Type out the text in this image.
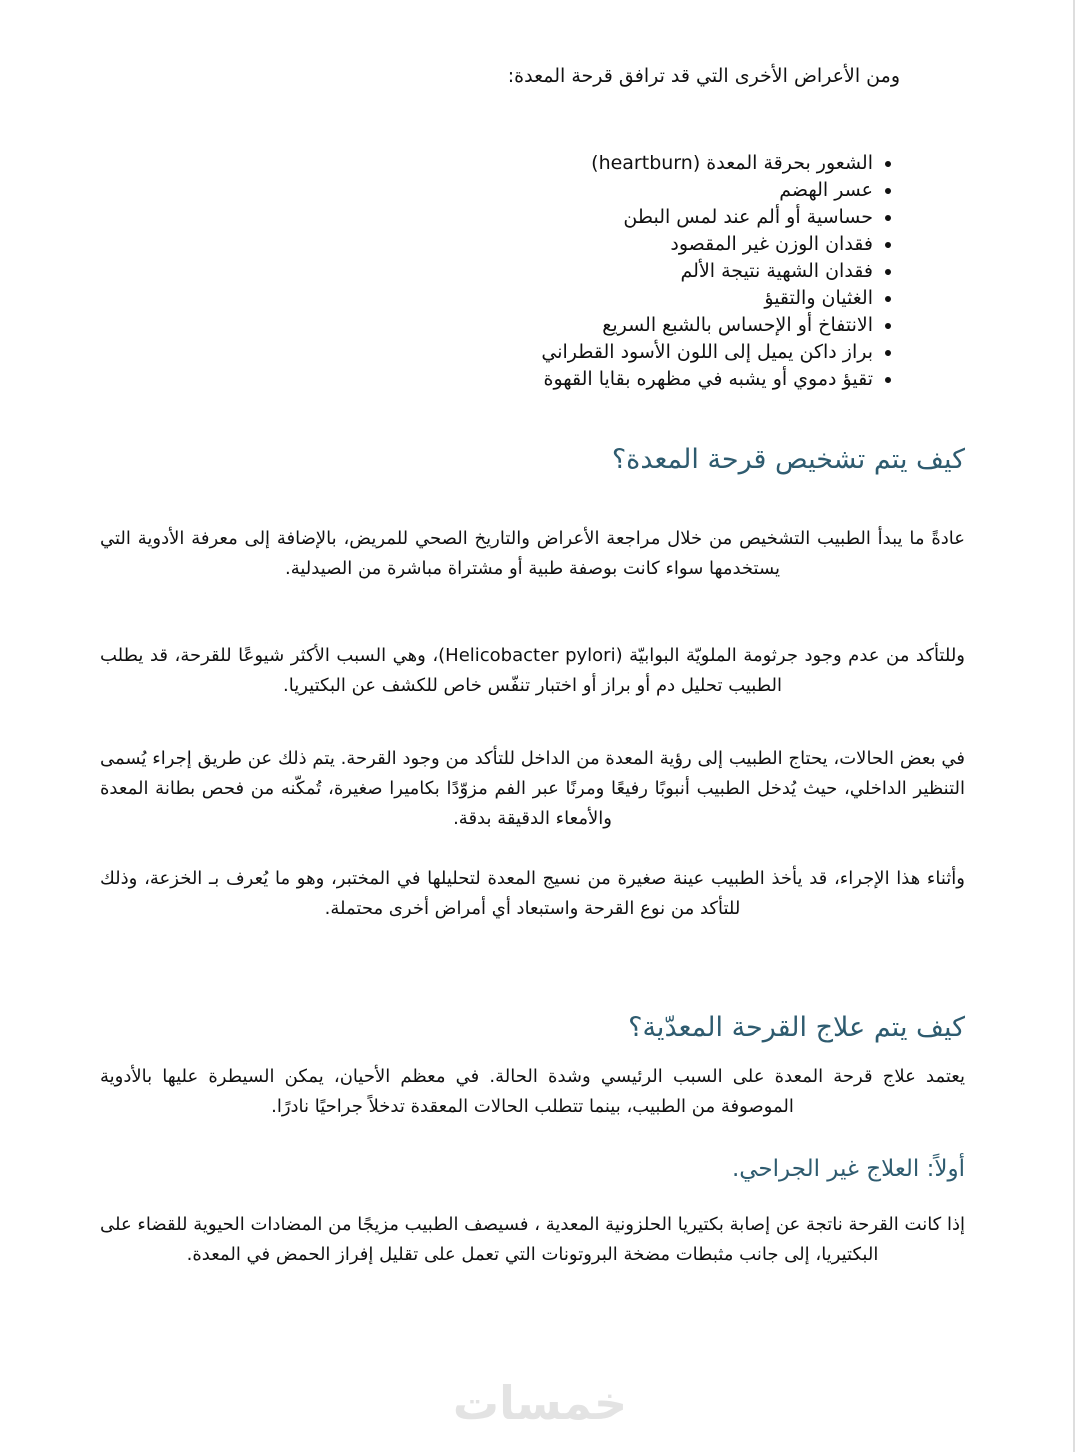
ومن الأعراض الأخرى التي قد ترافق قرحة المعدة:

• الشعور بحرقة المعدة (heartburn)
• عسر الهضم
• حساسية أو ألم عند لمس البطن
• فقدان الوزن غير المقصود
• فقدان الشهية نتيجة الألم
• الغثيان والتقيؤ
• الانتفاخ أو الإحساس بالشبع السريع
• براز داكن يميل إلى اللون الأسود القطراني
• تقيؤ دموي أو يشبه في مظهره بقايا القهوة
كيف يتم تشخيص قرحة المعدة؟

عادةً ما يبدأ الطبيب التشخيص من خلال مراجعة الأعراض والتاريخ الصحي للمريض، بالإضافة إلى معرفة الأدوية التي يستخدمها سواء كانت بوصفة طبية أو مشتراة مباشرة من الصيدلية.

وللتأكد من عدم وجود جرثومة الملويّة البوابيّة (Helicobacter pylori)، وهي السبب الأكثر شيوعًا للقرحة، قد يطلب الطبيب تحليل دم أو براز أو اختبار تنفّس خاص للكشف عن البكتيريا.

في بعض الحالات، يحتاج الطبيب إلى رؤية المعدة من الداخل للتأكد من وجود القرحة. يتم ذلك عن طريق إجراء يُسمى التنظير الداخلي، حيث يُدخل الطبيب أنبوبًا رفيعًا ومرنًا عبر الفم مزوّدًا بكاميرا صغيرة، تُمكّنه من فحص بطانة المعدة والأمعاء الدقيقة بدقة.

وأثناء هذا الإجراء، قد يأخذ الطبيب عينة صغيرة من نسيج المعدة لتحليلها في المختبر، وهو ما يُعرف بـ الخزعة، وذلك للتأكد من نوع القرحة واستبعاد أي أمراض أخرى محتملة.

كيف يتم علاج القرحة المعدّية؟

يعتمد علاج قرحة المعدة على السبب الرئيسي وشدة الحالة. في معظم الأحيان، يمكن السيطرة عليها بالأدوية الموصوفة من الطبيب، بينما تتطلب الحالات المعقدة تدخلاً جراحيًا نادرًا.

أولاً: العلاج غير الجراحي.

إذا كانت القرحة ناتجة عن إصابة بكتيريا الحلزونية المعدية ، فسيصف الطبيب مزيجًا من المضادات الحيوية للقضاء على البكتيريا، إلى جانب مثبطات مضخة البروتونات التي تعمل على تقليل إفراز الحمض في المعدة.

خمسات
